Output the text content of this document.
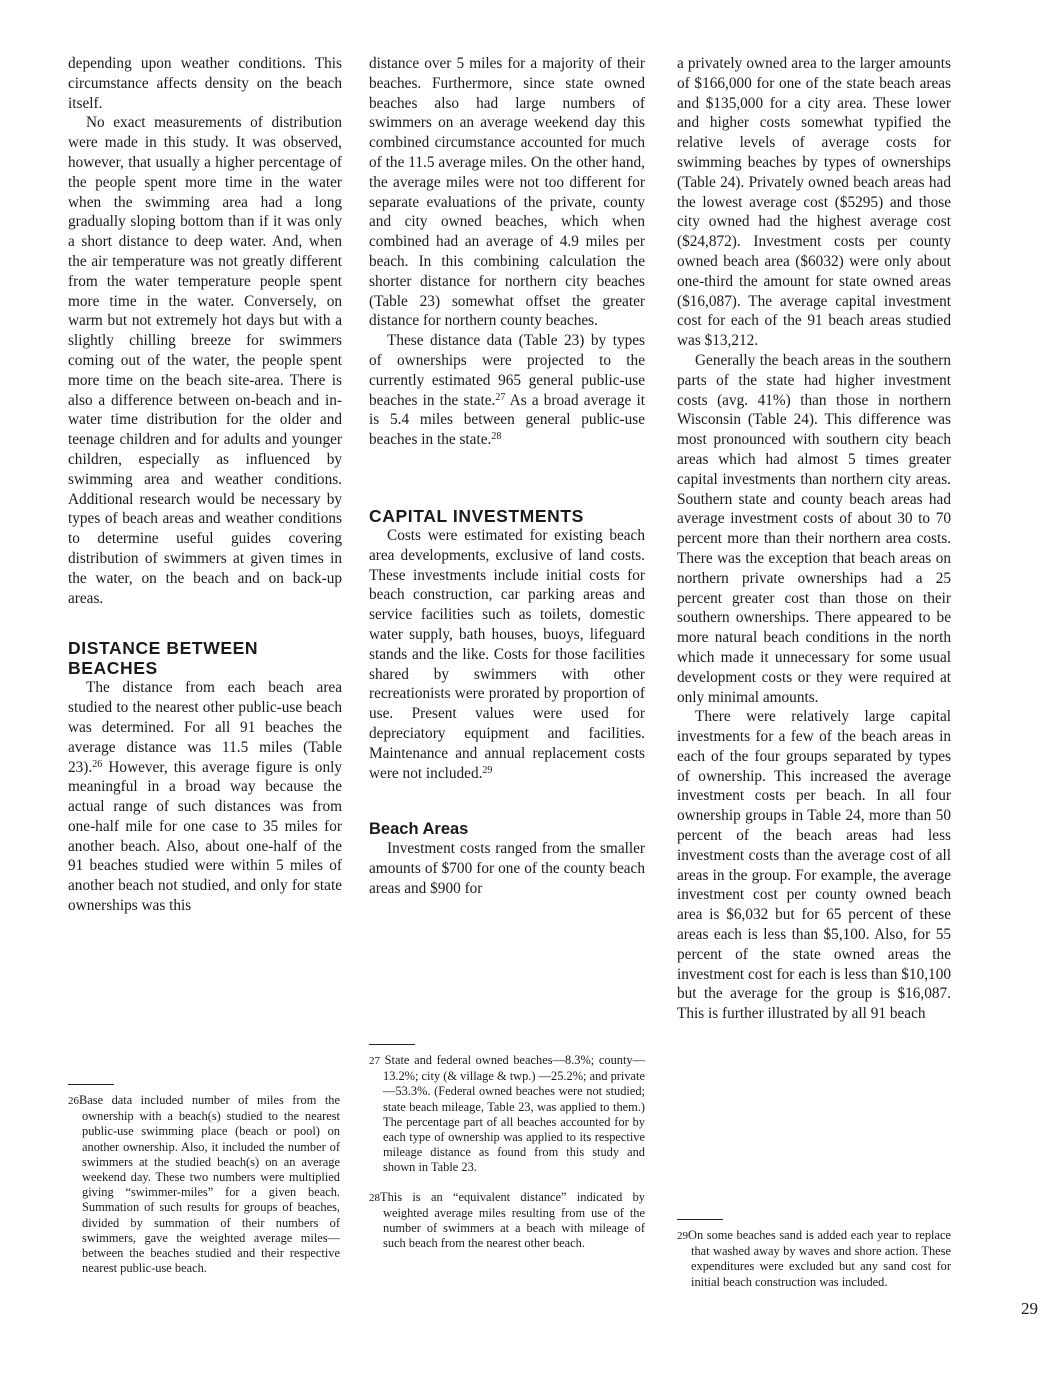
depending upon weather conditions. This circumstance affects density on the beach itself.

No exact measurements of distribution were made in this study. It was observed, however, that usually a higher percentage of the people spent more time in the water when the swimming area had a long gradually sloping bottom than if it was only a short distance to deep water. And, when the air temperature was not greatly different from the water temperature people spent more time in the water. Conversely, on warm but not extremely hot days but with a slightly chilling breeze for swimmers coming out of the water, the people spent more time on the beach site-area. There is also a difference between on-beach and in-water time distribution for the older and teenage children and for adults and younger children, especially as influenced by swimming area and weather conditions. Additional research would be necessary by types of beach areas and weather conditions to determine useful guides covering distribution of swimmers at given times in the water, on the beach and on back-up areas.

DISTANCE BETWEEN BEACHES

The distance from each beach area studied to the nearest other public-use beach was determined. For all 91 beaches the average distance was 11.5 miles (Table 23).$^{26}$ However, this average figure is only meaningful in a broad way because the actual range of such distances was from one-half mile for one case to 35 miles for another beach. Also, about one-half of the 91 beaches studied were within 5 miles of another beach not studied, and only for state ownerships was this

distance over 5 miles for a majority of their beaches. Furthermore, since state owned beaches also had large numbers of swimmers on an average weekend day this combined circumstance accounted for much of the 11.5 average miles. On the other hand, the average miles were not too different for separate evaluations of the private, county and city owned beaches, which when combined had an average of 4.9 miles per beach. In this combining calculation the shorter distance for northern city beaches (Table 23) somewhat offset the greater distance for northern county beaches.

These distance data (Table 23) by types of ownerships were projected to the currently estimated 965 general public-use beaches in the state.$^{27}$ As a broad average it is 5.4 miles between general public-use beaches in the state.$^{28}$

CAPITAL INVESTMENTS

Costs were estimated for existing beach area developments, exclusive of land costs. These investments include initial costs for beach construction, car parking areas and service facilities such as toilets, domestic water supply, bath houses, buoys, lifeguard stands and the like. Costs for those facilities shared by swimmers with other recreationists were prorated by proportion of use. Present values were used for depreciatory equipment and facilities. Maintenance and annual replacement costs were not included.$^{29}$

Beach Areas

Investment costs ranged from the smaller amounts of $700 for one of the county beach areas and $900 for

a privately owned area to the larger amounts of $166,000 for one of the state beach areas and $135,000 for a city area. These lower and higher costs somewhat typified the relative levels of average costs for swimming beaches by types of ownerships (Table 24). Privately owned beach areas had the lowest average cost ($5295) and those city owned had the highest average cost ($24,872). Investment costs per county owned beach area ($6032) were only about one-third the amount for state owned areas ($16,087). The average capital investment cost for each of the 91 beach areas studied was $13,212.

Generally the beach areas in the southern parts of the state had higher investment costs (avg. 41%) than those in northern Wisconsin (Table 24). This difference was most pronounced with southern city beach areas which had almost 5 times greater capital investments than northern city areas. Southern state and county beach areas had average investment costs of about 30 to 70 percent more than their northern area costs. There was the exception that beach areas on northern private ownerships had a 25 percent greater cost than those on their southern ownerships. There appeared to be more natural beach conditions in the north which made it unnecessary for some usual development costs or they were required at only minimal amounts.

There were relatively large capital investments for a few of the beach areas in each of the four groups separated by types of ownership. This increased the average investment costs per beach. In all four ownership groups in Table 24, more than 50 percent of the beach areas had less investment costs than the average cost of all areas in the group. For example, the average investment cost per county owned beach area is $6,032 but for 65 percent of these areas each is less than $5,100. Also, for 55 percent of the state owned areas the investment cost for each is less than $10,100 but the average for the group is $16,087. This is further illustrated by all 91 beach

26Base data included number of miles from the ownership with a beach(s) studied to the nearest public-use swimming place (beach or pool) on another ownership. Also, it included the number of swimmers at the studied beach(s) on an average weekend day. These two numbers were multiplied giving “swimmer-miles” for a given beach. Summation of such results for groups of beaches, divided by summation of their numbers of swimmers, gave the weighted average miles—between the beaches studied and their respective nearest public-use beach.

27 State and federal owned beaches—8.3%; county—13.2%; city (& village & twp.) —25.2%; and private—53.3%. (Federal owned beaches were not studied; state beach mileage, Table 23, was applied to them.) The percentage part of all beaches accounted for by each type of ownership was applied to its respective mileage distance as found from this study and shown in Table 23.

28This is an “equivalent distance” indicated by weighted average miles resulting from use of the number of swimmers at a beach with mileage of such beach from the nearest other beach.

29On some beaches sand is added each year to replace that washed away by waves and shore action. These expenditures were excluded but any sand cost for initial beach construction was included.

29
